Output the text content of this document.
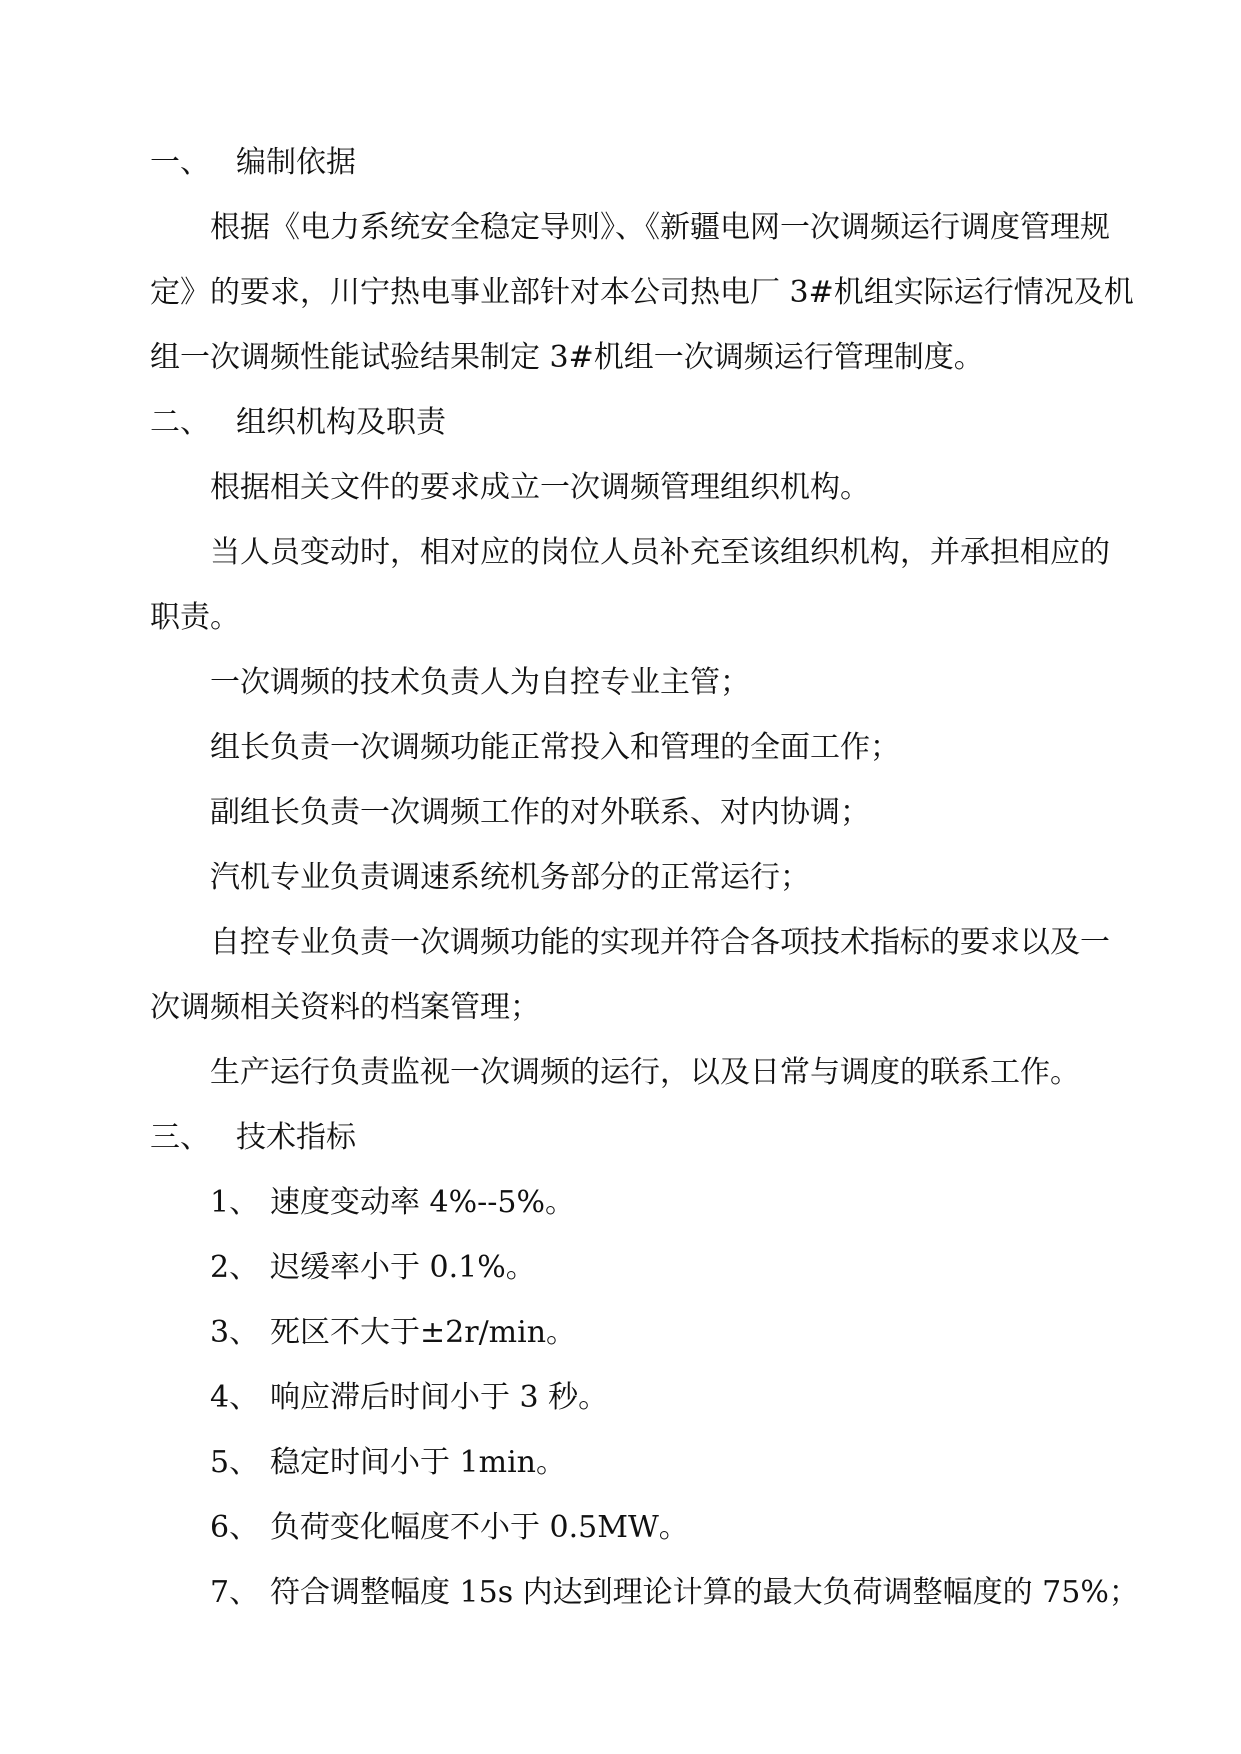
一、 编制依据
根据《电力系统安全稳定导则》、《新疆电网一次调频运行调度管理规
定》的要求，川宁热电事业部针对本公司热电厂 3#机组实际运行情况及机
组一次调频性能试验结果制定 3#机组一次调频运行管理制度。
二、 组织机构及职责
根据相关文件的要求成立一次调频管理组织机构。
当人员变动时，相对应的岗位人员补充至该组织机构，并承担相应的
职责。
一次调频的技术负责人为自控专业主管；
组长负责一次调频功能正常投入和管理的全面工作；
副组长负责一次调频工作的对外联系、对内协调；
汽机专业负责调速系统机务部分的正常运行；
自控专业负责一次调频功能的实现并符合各项技术指标的要求以及一
次调频相关资料的档案管理；
生产运行负责监视一次调频的运行，以及日常与调度的联系工作。
三、 技术指标
1、 速度变动率 4%--5%。
2、 迟缓率小于 0.1%。
3、 死区不大于±2r/min。
4、 响应滞后时间小于 3 秒。
5、 稳定时间小于 1min。
6、 负荷变化幅度不小于 0.5MW。
7、 符合调整幅度 15s 内达到理论计算的最大负荷调整幅度的 75%；
